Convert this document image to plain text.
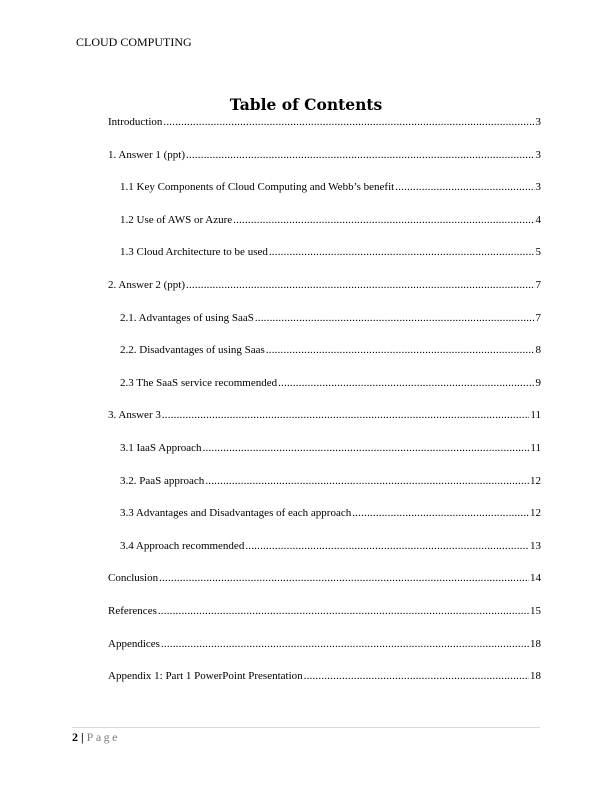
CLOUD COMPUTING
Table of Contents
Introduction .....	3
1. Answer 1 (ppt) .....	3
1.1 Key Components of Cloud Computing and Webb’s benefit .....	3
1.2 Use of AWS or Azure .....	4
1.3 Cloud Architecture to be used .....	5
2. Answer 2 (ppt) .....	7
2.1. Advantages of using SaaS .....	7
2.2. Disadvantages of using Saas .....	8
2.3 The SaaS service recommended .....	9
3. Answer 3 .....	11
3.1 IaaS Approach .....	11
3.2. PaaS approach .....	12
3.3 Advantages and Disadvantages of each approach .....	12
3.4 Approach recommended .....	13
Conclusion .....	14
References .....	15
Appendices .....	18
Appendix 1: Part 1 PowerPoint Presentation .....	18
2 | Page
